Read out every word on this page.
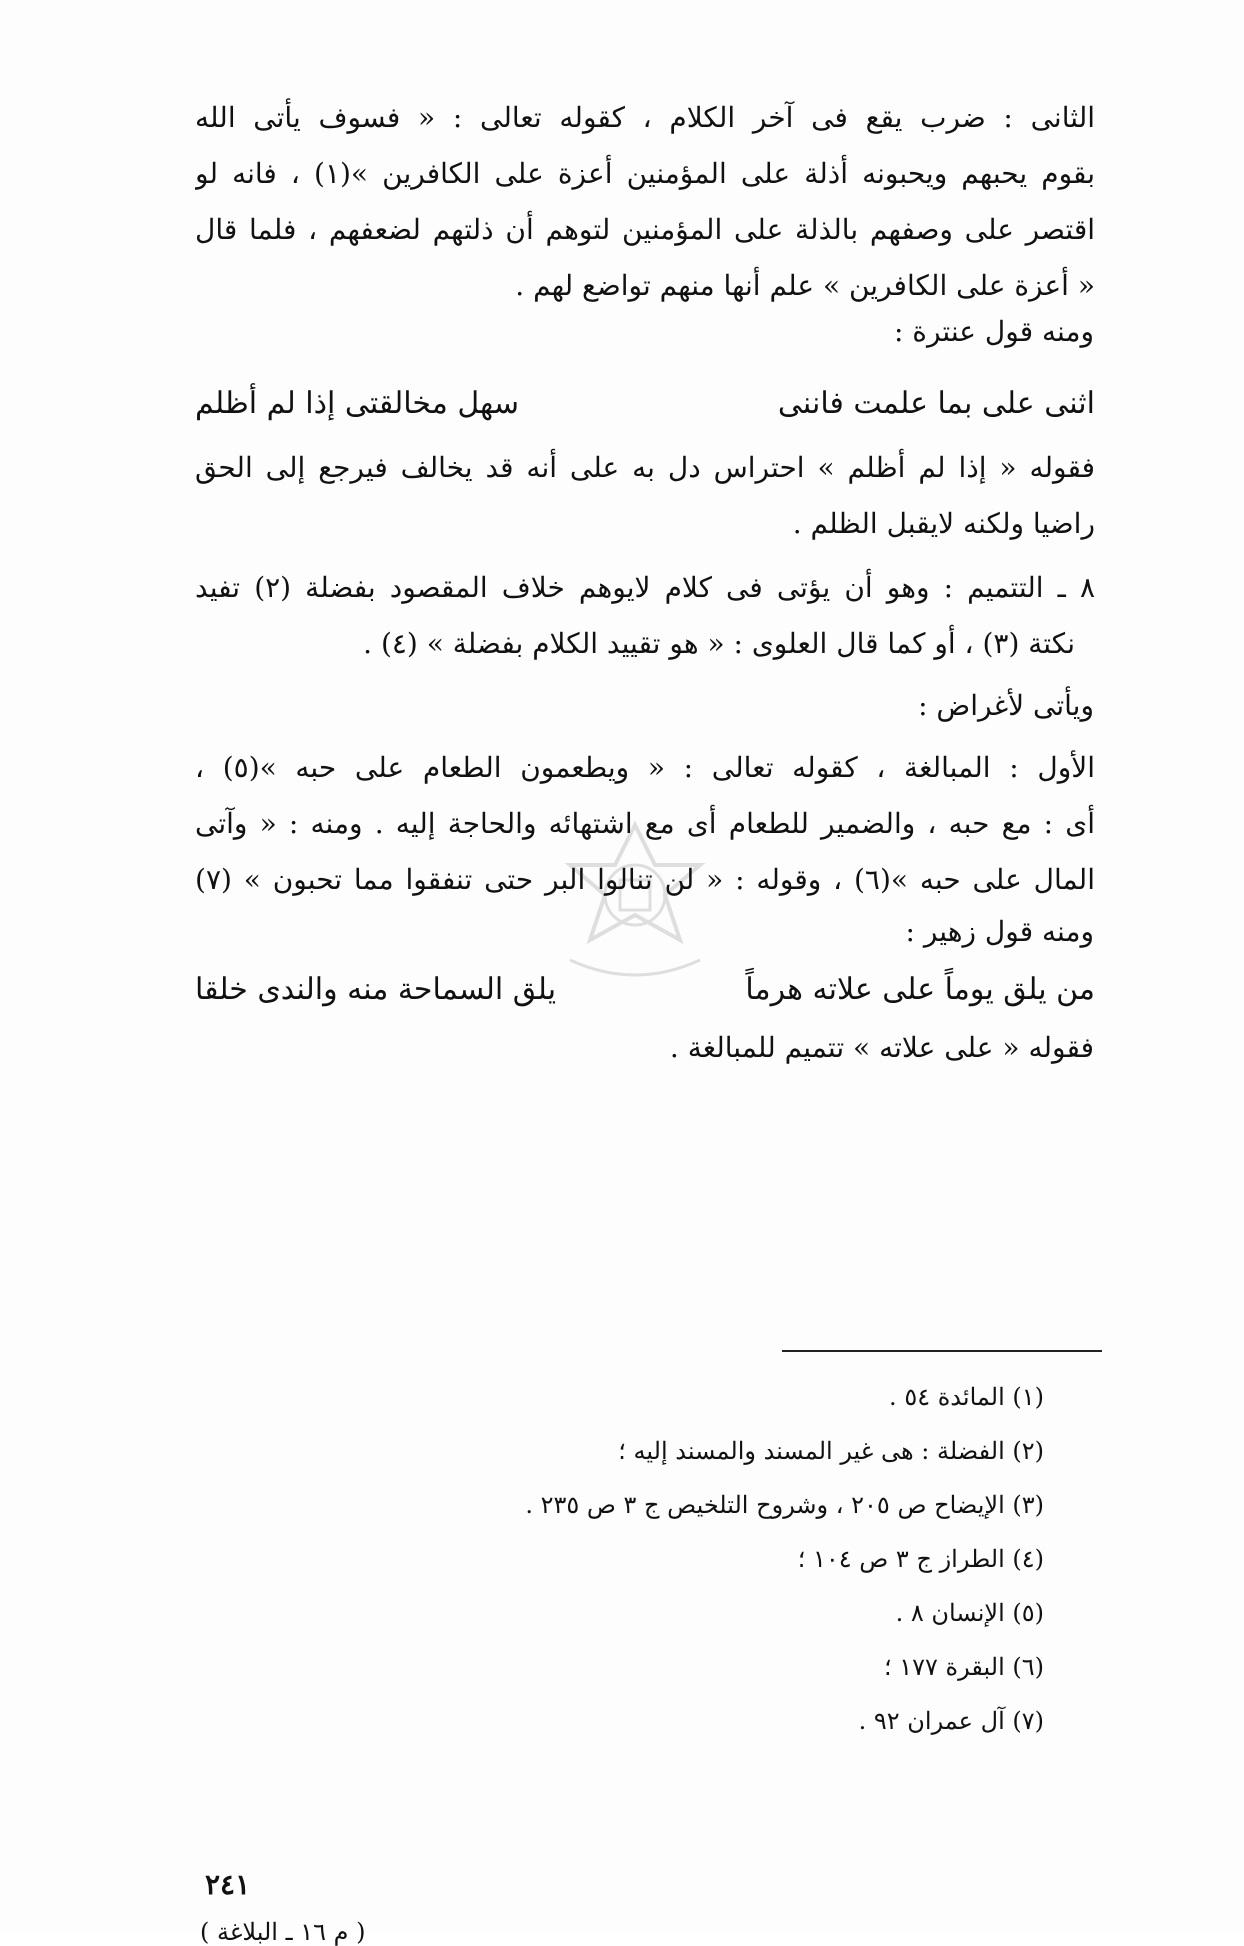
الثانى : ضرب يقع فى آخر الكلام ، كقوله تعالى : « فسوف يأتى الله
بقوم يحبهم ويحبونه أذلة على المؤمنين أعزة على الكافرين »(١) ، فانه لو
اقتصر على وصفهم بالذلة على المؤمنين لتوهم أن ذلتهم لضعفهم ، فلما قال
« أعزة على الكافرين » علم أنها منهم تواضع لهم .
ومنه قول عنترة :
اثنى على بما علمت فاننى
سهل مخالقتى إذا لم أظلم
فقوله « إذا لم أظلم » احتراس دل به على أنه قد يخالف فيرجع إلى الحق
راضيا ولكنه لايقبل الظلم .
٨ ـ التتميم : وهو أن يؤتى فى كلام لايوهم خلاف المقصود بفضلة (٢) تفيد
نكتة (٣) ، أو كما قال العلوى : « هو تقييد الكلام بفضلة » (٤) .
ويأتى لأغراض :
الأول : المبالغة ، كقوله تعالى : « ويطعمون الطعام على حبه »(٥) ،
أى : مع حبه ، والضمير للطعام أى مع اشتهائه والحاجة إليه . ومنه : « وآتى
المال على حبه »(٦) ، وقوله : « لن تنالوا البر حتى تنفقوا مما تحبون » (٧)
ومنه قول زهير :
من يلق يوماً على علاته هرماً
يلق السماحة منه والندى خلقا
فقوله « على علاته » تتميم للمبالغة .
(١) المائدة ٥٤ .
(٢) الفضلة : هى غير المسند والمسند إليه ؛
(٣) الإيضاح ص ٢٠٥ ، وشروح التلخيص ج ٣ ص ٢٣٥ .
(٤) الطراز ج ٣ ص ١٠٤ ؛
(٥) الإنسان ٨ .
(٦) البقرة ١٧٧ ؛
(٧) آل عمران ٩٢ .
٢٤١
( م ١٦ ـ البلاغة )
